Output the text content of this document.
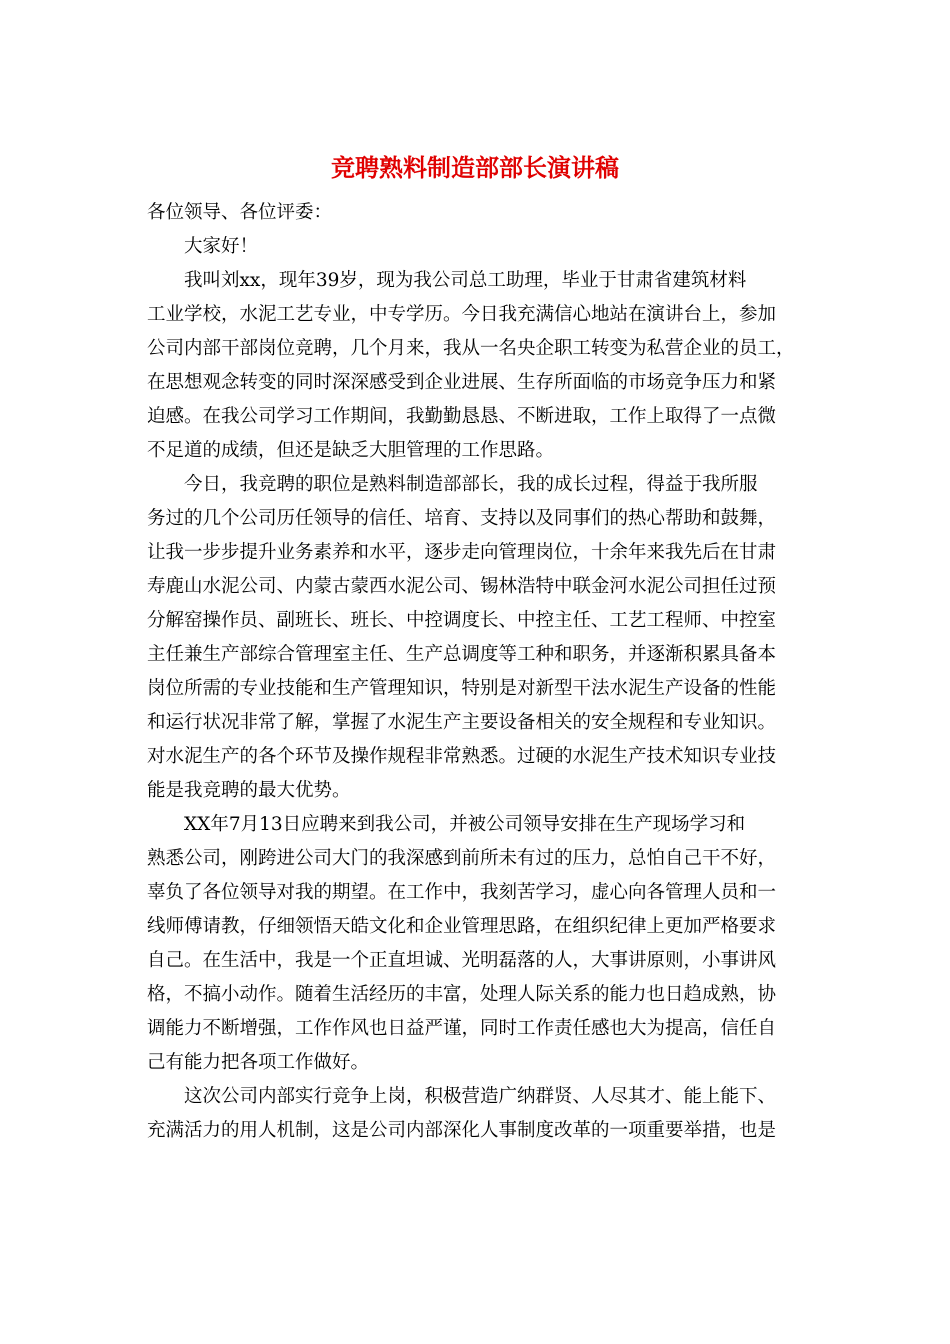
竞聘熟料制造部部长演讲稿
各位领导、各位评委：
大家好！
我叫刘xx，现年39岁，现为我公司总工助理，毕业于甘肃省建筑材料
工业学校，水泥工艺专业，中专学历。今日我充满信心地站在演讲台上，参加
公司内部干部岗位竞聘，几个月来，我从一名央企职工转变为私营企业的员工，
在思想观念转变的同时深深感受到企业进展、生存所面临的市场竞争压力和紧
迫感。在我公司学习工作期间，我勤勤恳恳、不断进取，工作上取得了一点微
不足道的成绩，但还是缺乏大胆管理的工作思路。
今日，我竞聘的职位是熟料制造部部长，我的成长过程，得益于我所服
务过的几个公司历任领导的信任、培育、支持以及同事们的热心帮助和鼓舞，
让我一步步提升业务素养和水平，逐步走向管理岗位，十余年来我先后在甘肃
寿鹿山水泥公司、内蒙古蒙西水泥公司、锡林浩特中联金河水泥公司担任过预
分解窑操作员、副班长、班长、中控调度长、中控主任、工艺工程师、中控室
主任兼生产部综合管理室主任、生产总调度等工种和职务，并逐渐积累具备本
岗位所需的专业技能和生产管理知识，特别是对新型干法水泥生产设备的性能
和运行状况非常了解，掌握了水泥生产主要设备相关的安全规程和专业知识。
对水泥生产的各个环节及操作规程非常熟悉。过硬的水泥生产技术知识专业技
能是我竞聘的最大优势。
XX年7月13日应聘来到我公司，并被公司领导安排在生产现场学习和
熟悉公司，刚跨进公司大门的我深感到前所未有过的压力，总怕自己干不好，
辜负了各位领导对我的期望。在工作中，我刻苦学习，虚心向各管理人员和一
线师傅请教，仔细领悟天皓文化和企业管理思路，在组织纪律上更加严格要求
自己。在生活中，我是一个正直坦诚、光明磊落的人，大事讲原则，小事讲风
格，不搞小动作。随着生活经历的丰富，处理人际关系的能力也日趋成熟，协
调能力不断增强，工作作风也日益严谨，同时工作责任感也大为提高，信任自
己有能力把各项工作做好。
这次公司内部实行竞争上岗，积极营造广纳群贤、人尽其才、能上能下、
充满活力的用人机制，这是公司内部深化人事制度改革的一项重要举措，也是
